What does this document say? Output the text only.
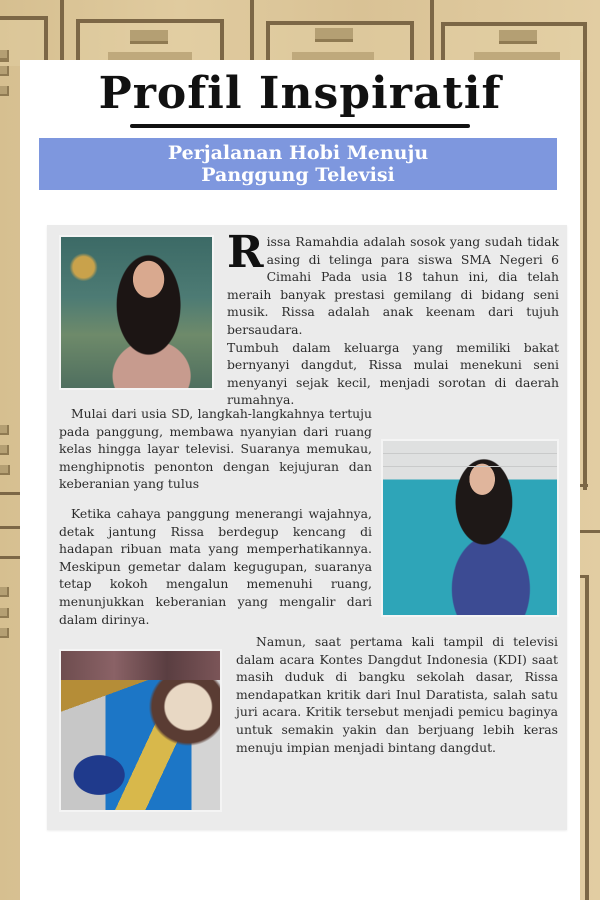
Profil Inspiratif
Perjalanan Hobi Menuju
Panggung Televisi
Rissa Ramahdia adalah sosok yang sudah tidak asing di telinga para siswa SMA Negeri 6 Cimahi Pada usia 18 tahun ini, dia telah meraih banyak prestasi gemilang di bidang seni musik. Rissa adalah anak keenam dari tujuh bersaudara.
Tumbuh dalam keluarga yang memiliki bakat bernyanyi dangdut, Rissa mulai menekuni seni menyanyi sejak kecil, menjadi sorotan di daerah rumahnya.

Mulai dari usia SD, langkah-langkahnya tertuju pada panggung, membawa nyanyian dari ruang kelas hingga layar televisi. Suaranya memukau, menghipnotis penonton dengan kejujuran dan keberanian yang tulus

Ketika cahaya panggung menerangi wajahnya, detak jantung Rissa berdegup kencang di hadapan ribuan mata yang memperhatikannya. Meskipun gemetar dalam kegugupan, suaranya tetap kokoh mengalun memenuhi ruang, menunjukkan keberanian yang mengalir dari dalam dirinya.

Namun, saat pertama kali tampil di televisi dalam acara Kontes Dangdut Indonesia (KDI) saat masih duduk di bangku sekolah dasar, Rissa mendapatkan kritik dari Inul Daratista, salah satu juri acara. Kritik tersebut menjadi pemicu baginya untuk semakin yakin dan berjuang lebih keras menuju impian menjadi bintang dangdut.
